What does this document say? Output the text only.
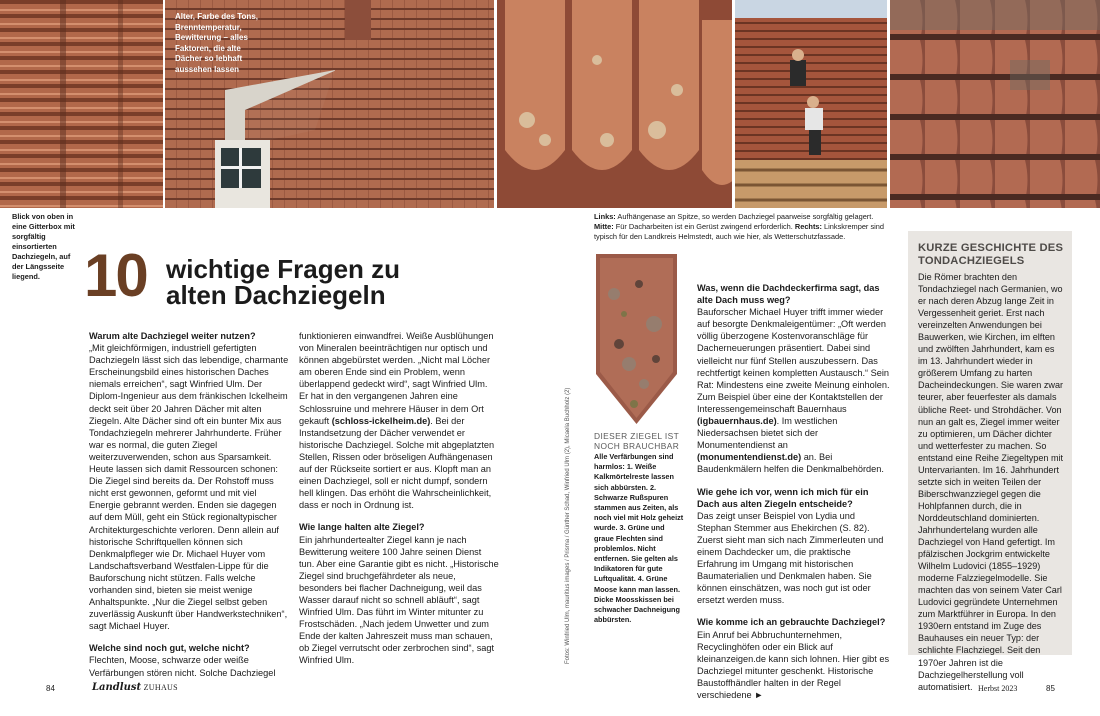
Alter, Farbe des Tons, Brenntemperatur, Bewitterung – alles Faktoren, die alte Dächer so lebhaft aussehen lassen
Blick von oben in eine Gitterbox mit sorgfältig einsortierten Dachziegeln, auf der Längsseite liegend.
Links: Aufhängenase an Spitze, so werden Dachziegel paarweise sorgfältig gelagert.
Mitte: Für Dacharbeiten ist ein Gerüst zwingend erforderlich. Rechts: Linkskremper sind typisch für den Landkreis Helmstedt, auch wie hier, als Wetterschutzfassade.
10 wichtige Fragen zu
alten Dachziegeln
Warum alte Dachziegel weiter nutzen?

„Mit gleichförmigen, industriell gefertigten Dachziegeln lässt sich das lebendige, charmante Erscheinungsbild eines historischen Daches niemals erreichen“, sagt Winfried Ulm. Der Diplom-Ingenieur aus dem fränkischen Ickelheim deckt seit über 20 Jahren Dächer mit alten Ziegeln. Alte Dächer sind oft ein bunter Mix aus Tondachziegeln mehrerer Jahrhunderte. Früher war es normal, die guten Ziegel weiterzuverwenden, schon aus Sparsamkeit. Heute lassen sich damit Ressourcen schonen: Die Ziegel sind bereits da. Der Rohstoff muss nicht erst gewonnen, geformt und mit viel Energie gebrannt werden. Enden sie dagegen auf dem Müll, geht ein Stück regionaltypischer Architekturgeschichte verloren. Denn allein auf historische Schriftquellen können sich Denkmalpfleger wie Dr. Michael Huyer vom Landschaftsverband Westfalen-Lippe für die Bauforschung nicht stützen. Falls welche vorhanden sind, bieten sie meist wenige Anhaltspunkte. „Nur die Ziegel selbst geben zuverlässig Auskunft über Handwerkstechniken“, sagt Michael Huyer.

Welche sind noch gut, welche nicht?

Flechten, Moose, schwarze oder weiße Verfärbungen stören nicht. Solche Dachziegel

funktionieren einwandfrei. Weiße Ausblühungen von Mineralen beeinträchtigen nur optisch und können abgebürstet werden. „Nicht mal Löcher am oberen Ende sind ein Problem, wenn überlappend gedeckt wird“, sagt Winfried Ulm. Er hat in den vergangenen Jahren eine Schlossruine und mehrere Häuser in dem Ort gekauft (schloss-ickelheim.de). Bei der Instandsetzung der Dächer verwendet er historische Dachziegel. Solche mit abgeplatzten Stellen, Rissen oder bröseligen Aufhängenasen auf der Rückseite sortiert er aus. Klopft man an einen Dachziegel, soll er nicht dumpf, sondern hell klingen. Das erhöht die Wahrscheinlichkeit, dass er noch in Ordnung ist.

Wie lange halten alte Ziegel?

Ein jahrhundertealter Ziegel kann je nach Bewitterung weitere 100 Jahre seinen Dienst tun. Aber eine Garantie gibt es nicht. „Historische Ziegel sind bruchgefährdeter als neue, besonders bei flacher Dachneigung, weil das Wasser darauf nicht so schnell abläuft“, sagt Winfried Ulm. Das führt im Winter mitunter zu Frostschäden. „Nach jedem Unwetter und zum Ende der kalten Jahreszeit muss man schauen, ob Ziegel verrutscht oder zerbrochen sind“, sagt Winfried Ulm.

DIESER ZIEGEL IST NOCH BRAUCHBAR
Alle Verfärbungen sind harmlos: 1. Weiße Kalkmörtelreste lassen sich abbürsten. 2. Schwarze Rußspuren stammen aus Zeiten, als noch viel mit Holz geheizt wurde. 3. Grüne und graue Flechten sind problemlos. Nicht entfernen. Sie gelten als Indikatoren für gute Luftqualität. 4. Grüne Moose kann man lassen. Dicke Moosskissen bei schwacher Dachneigung abbürsten.
Fotos: Winfried Ulm, mauritius images / Prisma / Günther Schad, Winfried Ulm (2), Micaela Buchholz (2)
Was, wenn die Dachdeckerfirma sagt, das alte Dach muss weg?

Bauforscher Michael Huyer trifft immer wieder auf besorgte Denkmaleigentümer: „Oft werden völlig überzogene Kostenvoranschläge für Dacherneuerungen präsentiert. Dabei sind vielleicht nur fünf Stellen auszubessern. Das rechtfertigt keinen kompletten Austausch.“ Sein Rat: Mindestens eine zweite Meinung einholen. Zum Beispiel über eine der Kontaktstellen der Interessengemeinschaft Bauernhaus (igbauernhaus.de). Im westlichen Niedersachsen bietet sich der Monumentendienst an (monumentendienst.de) an. Bei Baudenkmälern helfen die Denkmalbehörden.

Wie gehe ich vor, wenn ich mich für ein Dach aus alten Ziegeln entscheide?

Das zeigt unser Beispiel von Lydia und Stephan Stemmer aus Ehekirchen (S. 82). Zuerst sieht man sich nach Zimmerleuten und einem Dachdecker um, die praktische Erfahrung im Umgang mit historischen Baumaterialien und Denkmalen haben. Sie können einschätzen, was noch gut ist oder ersetzt werden muss.

Wie komme ich an gebrauchte Dachziegel?

Ein Anruf bei Abbruchunternehmen, Recyclinghöfen oder ein Blick auf kleinanzeigen.de kann sich lohnen. Hier gibt es Dachziegel mitunter geschenkt. Historische Baustoffhändler halten in der Regel verschiedene ►

KURZE GESCHICHTE DES TONDACHZIEGELS
Die Römer brachten den Tondachziegel nach Germanien, wo er nach deren Abzug lange Zeit in Vergessenheit geriet. Erst nach vereinzelten Anwendungen bei Bauwerken, wie Kirchen, im elften und zwölften Jahrhundert, kam es im 13. Jahrhundert wieder in größerem Umfang zu harten Dacheindeckungen. Sie waren zwar teurer, aber feuerfester als damals übliche Reet- und Strohdächer. Von nun an galt es, Ziegel immer weiter zu optimieren, um Dächer dichter und wetterfester zu machen. So entstand eine Reihe Ziegeltypen mit Untervarianten. Im 16. Jahrhundert setzte sich in weiten Teilen der Biberschwanzziegel gegen die Hohlpfannen durch, die in Norddeutschland dominierten. Jahrhundertelang wurden alle Dachziegel von Hand gefertigt. Im pfälzischen Jockgrim entwickelte Wilhelm Ludovici (1855–1929) moderne Falzziegelmodelle. Sie machten das von seinem Vater Carl Ludovici gegründete Unternehmen zum Marktführer in Europa. In den 1930ern entstand im Zuge des Bauhauses ein neuer Typ: der schlichte Flachziegel. Seit den 1970er Jahren ist die Dachziegelherstellung voll automatisiert.
84	Landlust ZUHAUS	Herbst 2023	85
